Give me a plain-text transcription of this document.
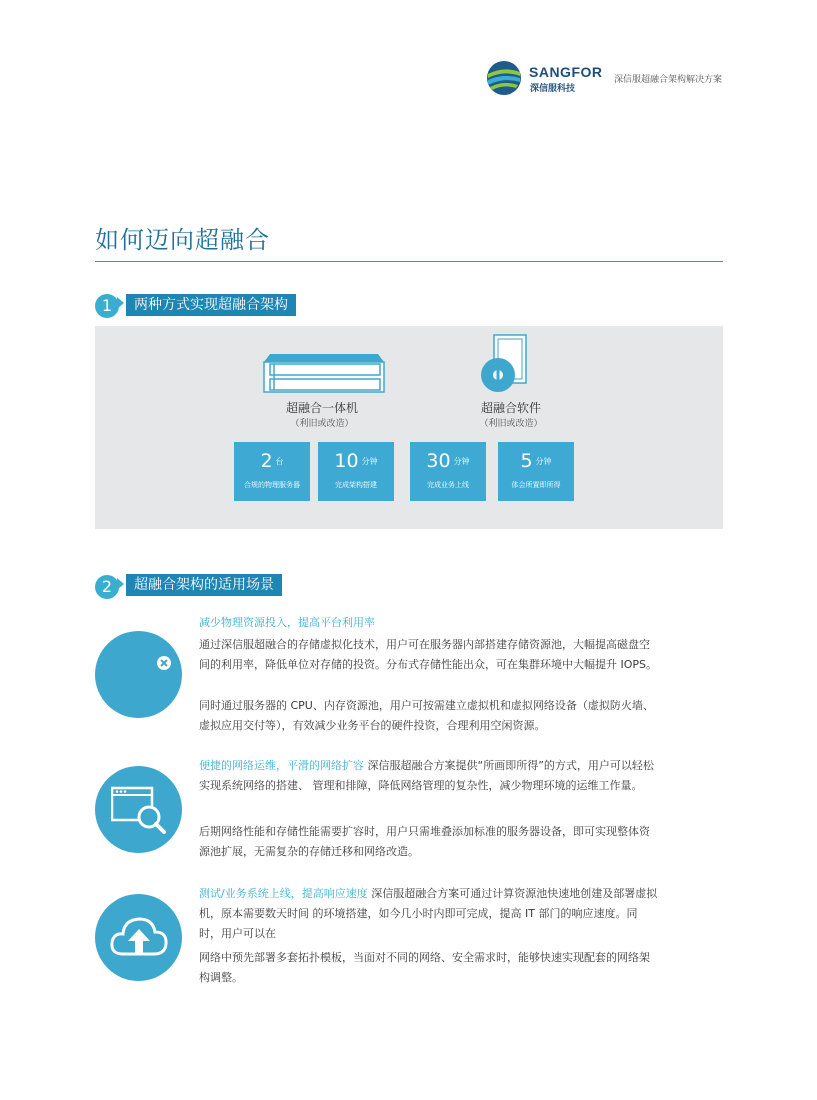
SANGFOR
深信服科技
深信服超融合架构解决方案
如何迈向超融合
1	两种方式实现超融合架构
超融合一体机
（利旧或改造）
超融合软件
（利旧或改造）
2 台
合规的物理服务器
10 分钟
完成架构搭建
30 分钟
完成业务上线
5 分钟
体会所置即所得
2	超融合架构的适用场景
减少物理资源投入，提高平台利用率
通过深信服超融合的存储虚拟化技术，用户可在服务器内部搭建存储资源池，大幅提高磁盘空间的利用率，降低单位对存储的投资。分布式存储性能出众，可在集群环境中大幅提升 IOPS。
同时通过服务器的 CPU、内存资源池，用户可按需建立虚拟机和虚拟网络设备（虚拟防火墙、虚拟应用交付等），有效减少业务平台的硬件投资，合理利用空闲资源。
便捷的网络运维，平滑的网络扩容 深信服超融合方案提供“所画即所得”的方式，用户可以轻松实现系统网络的搭建、 管理和排障，降低网络管理的复杂性，减少物理环境的运维工作量。
后期网络性能和存储性能需要扩容时，用户只需堆叠添加标准的服务器设备，即可实现整体资源池扩展，无需复杂的存储迁移和网络改造。
测试/业务系统上线，提高响应速度 深信服超融合方案可通过计算资源池快速地创建及部署虚拟机，原本需要数天时间 的环境搭建，如今几小时内即可完成，提高 IT 部门的响应速度。同时，用户可以在
网络中预先部署多套拓扑模板，当面对不同的网络、安全需求时，能够快速实现配套的网络架构调整。
